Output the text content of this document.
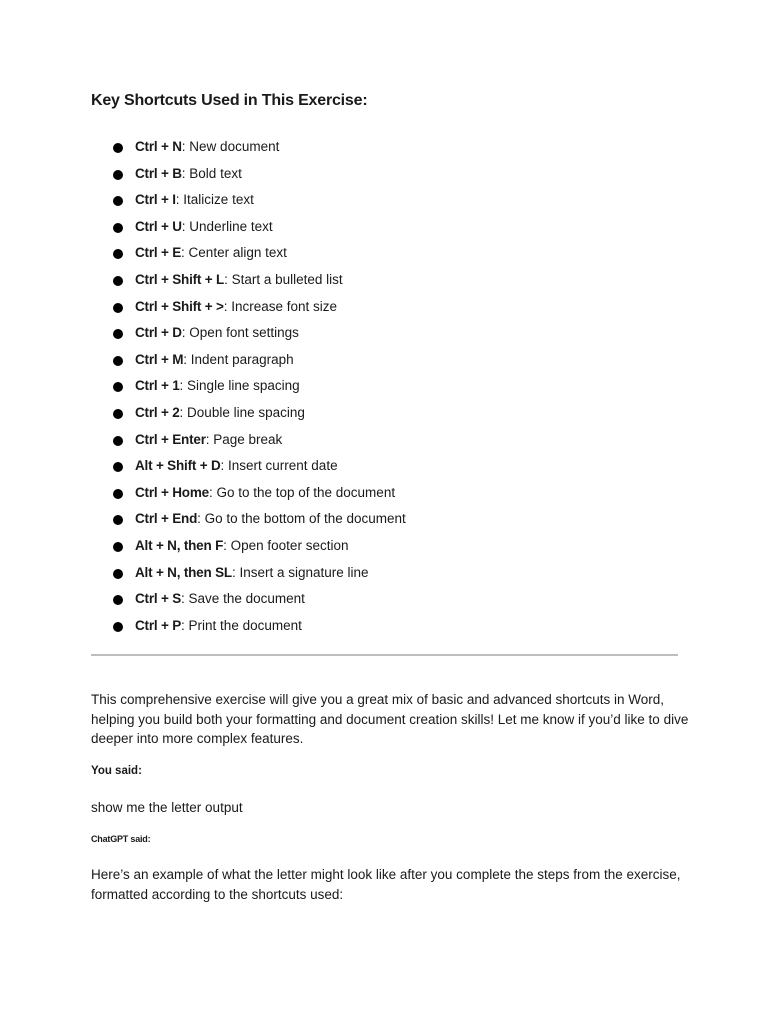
Key Shortcuts Used in This Exercise:
Ctrl + N: New document
Ctrl + B: Bold text
Ctrl + I: Italicize text
Ctrl + U: Underline text
Ctrl + E: Center align text
Ctrl + Shift + L: Start a bulleted list
Ctrl + Shift + >: Increase font size
Ctrl + D: Open font settings
Ctrl + M: Indent paragraph
Ctrl + 1: Single line spacing
Ctrl + 2: Double line spacing
Ctrl + Enter: Page break
Alt + Shift + D: Insert current date
Ctrl + Home: Go to the top of the document
Ctrl + End: Go to the bottom of the document
Alt + N, then F: Open footer section
Alt + N, then SL: Insert a signature line
Ctrl + S: Save the document
Ctrl + P: Print the document

This comprehensive exercise will give you a great mix of basic and advanced shortcuts in Word, helping you build both your formatting and document creation skills! Let me know if you’d like to dive deeper into more complex features.

You said:

show me the letter output

ChatGPT said:

Here’s an example of what the letter might look like after you complete the steps from the exercise, formatted according to the shortcuts used:
